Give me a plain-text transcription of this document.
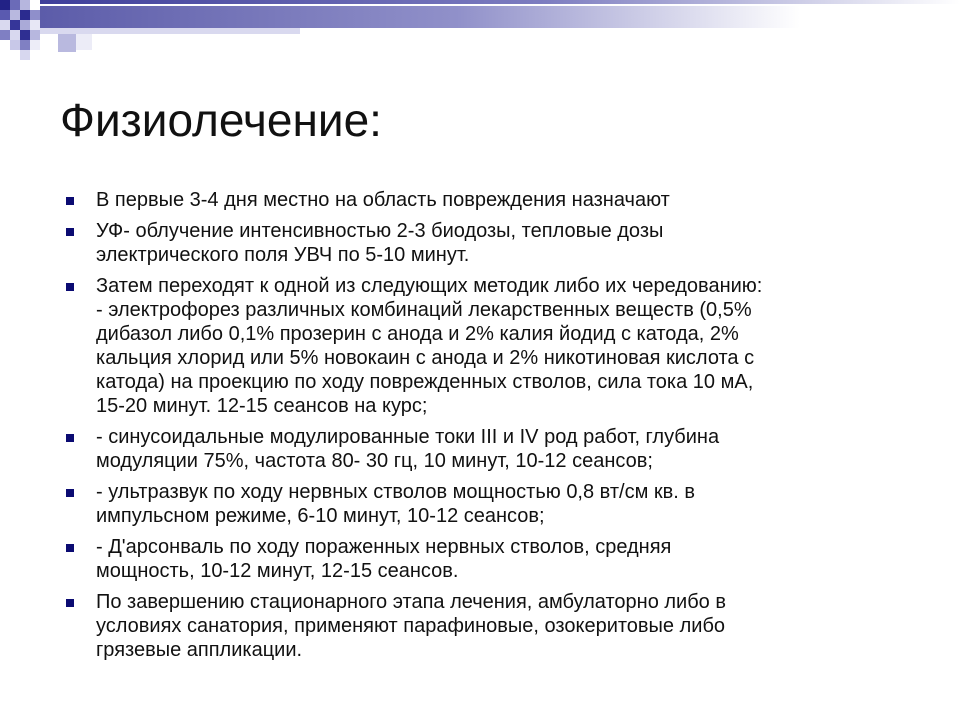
Физиолечение:
В первые 3-4 дня местно на область повреждения назначают
УФ- облучение интенсивностью 2-3 биодозы, тепловые дозы
электрического поля УВЧ по 5-10 минут.
Затем переходят к одной из следующих методик либо их чередованию:
- электрофорез различных комбинаций лекарственных веществ (0,5%
дибазол либо 0,1% прозерин с анода и 2% калия йодид с катода, 2%
кальция хлорид или 5% новокаин с анода и 2% никотиновая кислота с
катода) на проекцию по ходу поврежденных стволов, сила тока 10 мА,
15-20 минут. 12-15 сеансов на курс;
- синусоидальные модулированные токи III и IV род работ, глубина
модуляции 75%, частота 80- 30 гц, 10 минут, 10-12 сеансов;
- ультразвук по ходу нервных стволов мощностью 0,8 вт/см кв. в
импульсном режиме, 6-10 минут, 10-12 сеансов;
- Д'арсонваль по ходу пораженных нервных стволов, средняя
мощность, 10-12 минут, 12-15 сеансов.
По завершению стационарного этапа лечения, амбулаторно либо в
условиях санатория, применяют парафиновые, озокеритовые либо
грязевые аппликации.
